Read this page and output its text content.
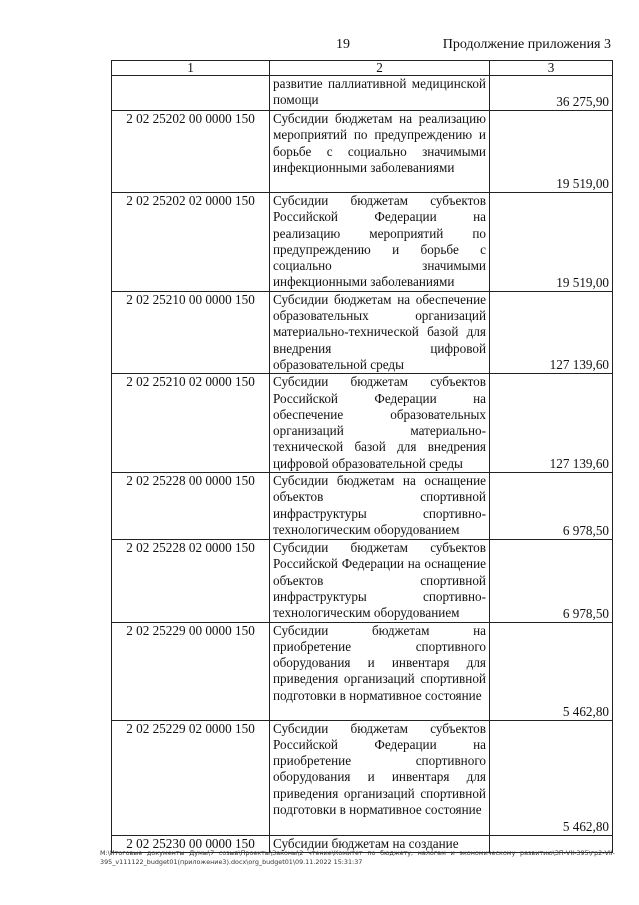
19	Продолжение приложения 3
1	2	3
	развитие паллиативной медицинской помощи	36 275,90
2 02 25202 00 0000 150	Субсидии бюджетам на реализацию мероприятий по предупреждению и борьбе с социально значимыми инфекционными заболеваниями	19 519,00
2 02 25202 02 0000 150	Субсидии бюджетам субъектов Российской Федерации на реализацию мероприятий по предупреждению и борьбе с социально значимыми инфекционными заболеваниями	19 519,00
2 02 25210 00 0000 150	Субсидии бюджетам на обеспечение образовательных организаций материально-технической базой для внедрения цифровой образовательной среды	127 139,60
2 02 25210 02 0000 150	Субсидии бюджетам субъектов Российской Федерации на обеспечение образовательных организаций материально-технической базой для внедрения цифровой образовательной среды	127 139,60
2 02 25228 00 0000 150	Субсидии бюджетам на оснащение объектов спортивной инфраструктуры спортивно-технологическим оборудованием	6 978,50
2 02 25228 02 0000 150	Субсидии бюджетам субъектов Российской Федерации на оснащение объектов спортивной инфраструктуры спортивно-технологическим оборудованием	6 978,50
2 02 25229 00 0000 150	Субсидии бюджетам на приобретение спортивного оборудования и инвентаря для приведения организаций спортивной подготовки в нормативное состояние	5 462,80
2 02 25229 02 0000 150	Субсидии бюджетам субъектов Российской Федерации на приобретение спортивного оборудования и инвентаря для приведения организаций спортивной подготовки в нормативное состояние	5 462,80
2 02 25230 00 0000 150	Субсидии бюджетам на создание	
M:\Итоговые документы Думы\7 созыв\Проекты\Законы\2 чтение\Комитет по бюджету, налогам и экономическому развитию\ЗП-VII-395\гр2-VII-395_v111122_budget01(приложение3).docx\org_budget01\09.11.2022 15:31:37
